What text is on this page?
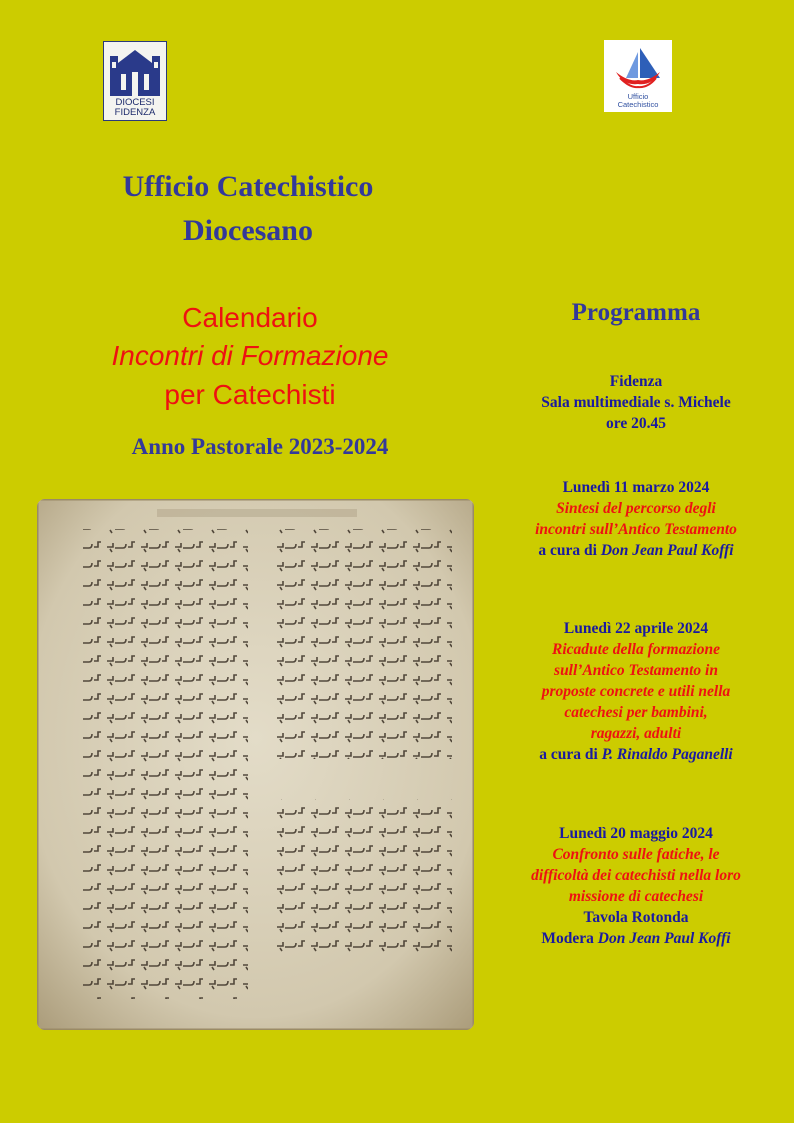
DIOCESI
FIDENZA
Ufficio
Catechistico
Ufficio Catechistico
Diocesano
Calendario
Incontri di Formazione
per Catechisti
Anno Pastorale 2023-2024
Programma
Fidenza
Sala multimediale s. Michele
ore 20.45
Lunedì 11 marzo 2024
Sintesi del percorso degli
incontri sull’Antico Testamento
a cura di Don Jean Paul Koffi
Lunedì 22 aprile 2024
Ricadute della formazione
sull’Antico Testamento in
proposte concrete e utili nella
catechesi per bambini,
ragazzi, adulti
a cura di P. Rinaldo Paganelli
Lunedì 20 maggio 2024
Confronto sulle fatiche, le
difficoltà dei catechisti nella loro
missione di catechesi
Tavola Rotonda
Modera Don Jean Paul Koffi
